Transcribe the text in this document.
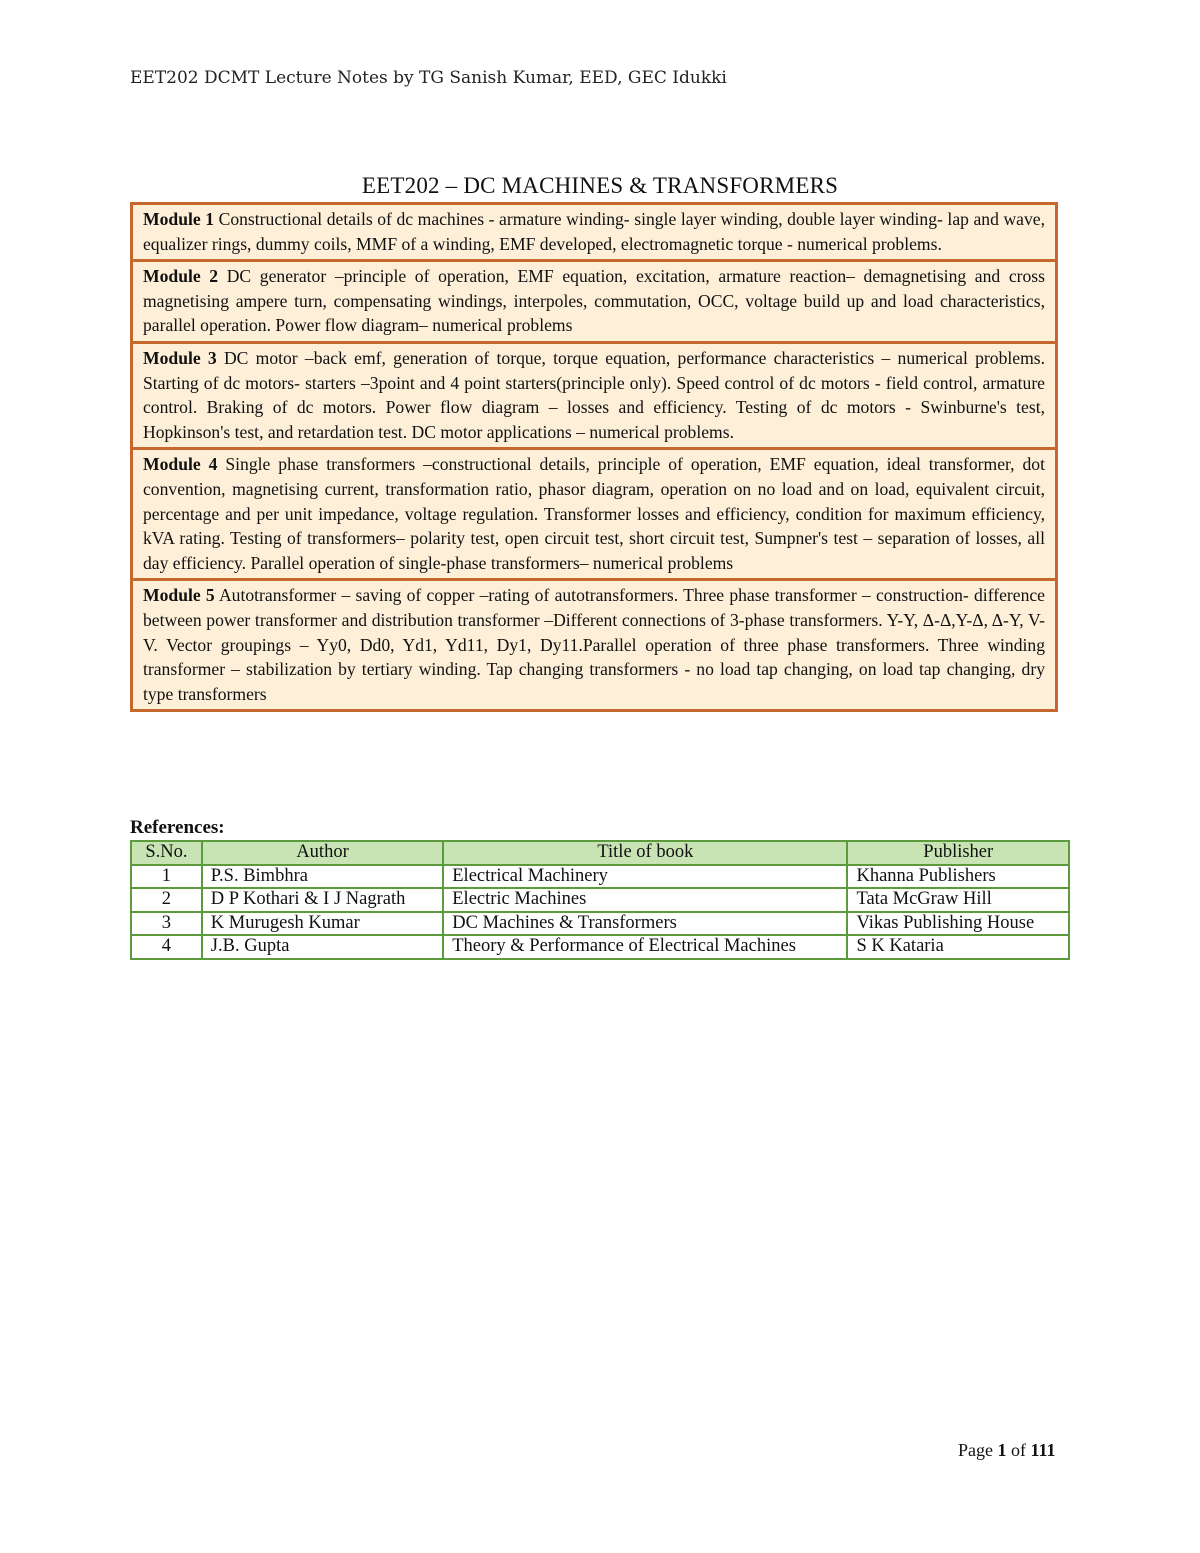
EET202 DCMT Lecture Notes by TG Sanish Kumar, EED, GEC Idukki
EET202 – DC MACHINES & TRANSFORMERS
Module 1 Constructional details of dc machines - armature winding- single layer winding, double layer winding- lap and wave, equalizer rings, dummy coils, MMF of a winding, EMF developed, electromagnetic torque - numerical problems.
Module 2 DC generator –principle of operation, EMF equation, excitation, armature reaction– demagnetising and cross magnetising ampere turn, compensating windings, interpoles, commutation, OCC, voltage build up and load characteristics, parallel operation. Power flow diagram– numerical problems
Module 3 DC motor –back emf, generation of torque, torque equation, performance characteristics – numerical problems. Starting of dc motors- starters –3point and 4 point starters(principle only). Speed control of dc motors - field control, armature control. Braking of dc motors. Power flow diagram – losses and efficiency. Testing of dc motors - Swinburne's test, Hopkinson's test, and retardation test. DC motor applications – numerical problems.
Module 4 Single phase transformers –constructional details, principle of operation, EMF equation, ideal transformer, dot convention, magnetising current, transformation ratio, phasor diagram, operation on no load and on load, equivalent circuit, percentage and per unit impedance, voltage regulation. Transformer losses and efficiency, condition for maximum efficiency, kVA rating. Testing of transformers– polarity test, open circuit test, short circuit test, Sumpner's test – separation of losses, all day efficiency. Parallel operation of single-phase transformers– numerical problems
Module 5 Autotransformer – saving of copper –rating of autotransformers. Three phase transformer – construction- difference between power transformer and distribution transformer –Different connections of 3-phase transformers. Y-Y, Δ-Δ,Y-Δ, Δ-Y, V-V. Vector groupings – Yy0, Dd0, Yd1, Yd11, Dy1, Dy11.Parallel operation of three phase transformers. Three winding transformer – stabilization by tertiary winding. Tap changing transformers - no load tap changing, on load tap changing, dry type transformers
References:
S.No.	Author	Title of book	Publisher
1	P.S. Bimbhra	Electrical Machinery	Khanna Publishers
2	D P Kothari & I J Nagrath	Electric Machines	Tata McGraw Hill
3	K Murugesh Kumar	DC Machines & Transformers	Vikas Publishing House
4	J.B. Gupta	Theory & Performance of Electrical Machines	S K Kataria
Page 1 of 111
